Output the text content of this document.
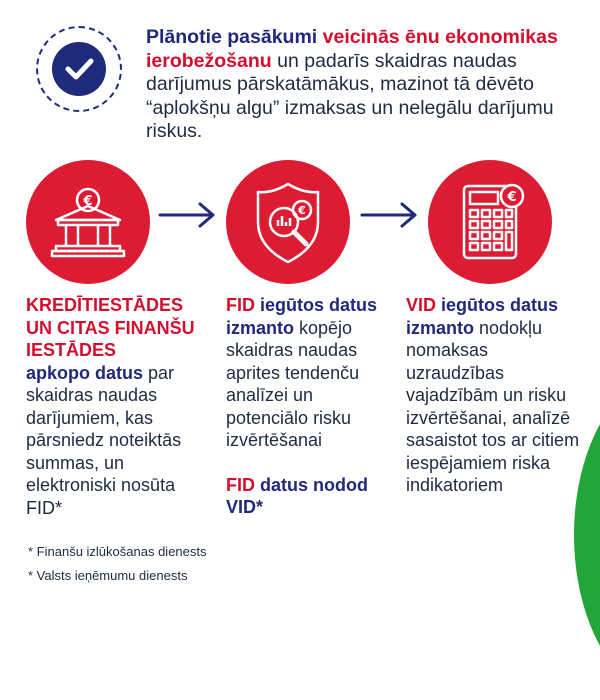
Plānotie pasākumi veicinās ēnu ekonomikas ierobežošanu un padarīs skaidras naudas darījumus pārskatāmākus, mazinot tā dēvēto “aplokšņu algu” izmaksas un nelegālu darījumu riskus.
€
€
€
KREDĪTIESTĀDES
UN CITAS FINANŠU
IESTĀDES

apkopo datus par skaidras naudas darījumiem, kas pārsniedz noteiktās summas, un elektroniski nosūta FID*

FID iegūtos datus izmanto kopējo skaidras naudas aprites tendenču analīzei un potenciālo risku izvērtēšanai

FID datus nodod VID*

VID iegūtos datus izmanto nodokļu nomaksas uzraudzības vajadzībām un risku izvērtēšanai, analīzē sasaistot tos ar citiem iespējamiem riska indikatoriem

* Finanšu izlūkošanas dienests
* Valsts ieņēmumu dienests
